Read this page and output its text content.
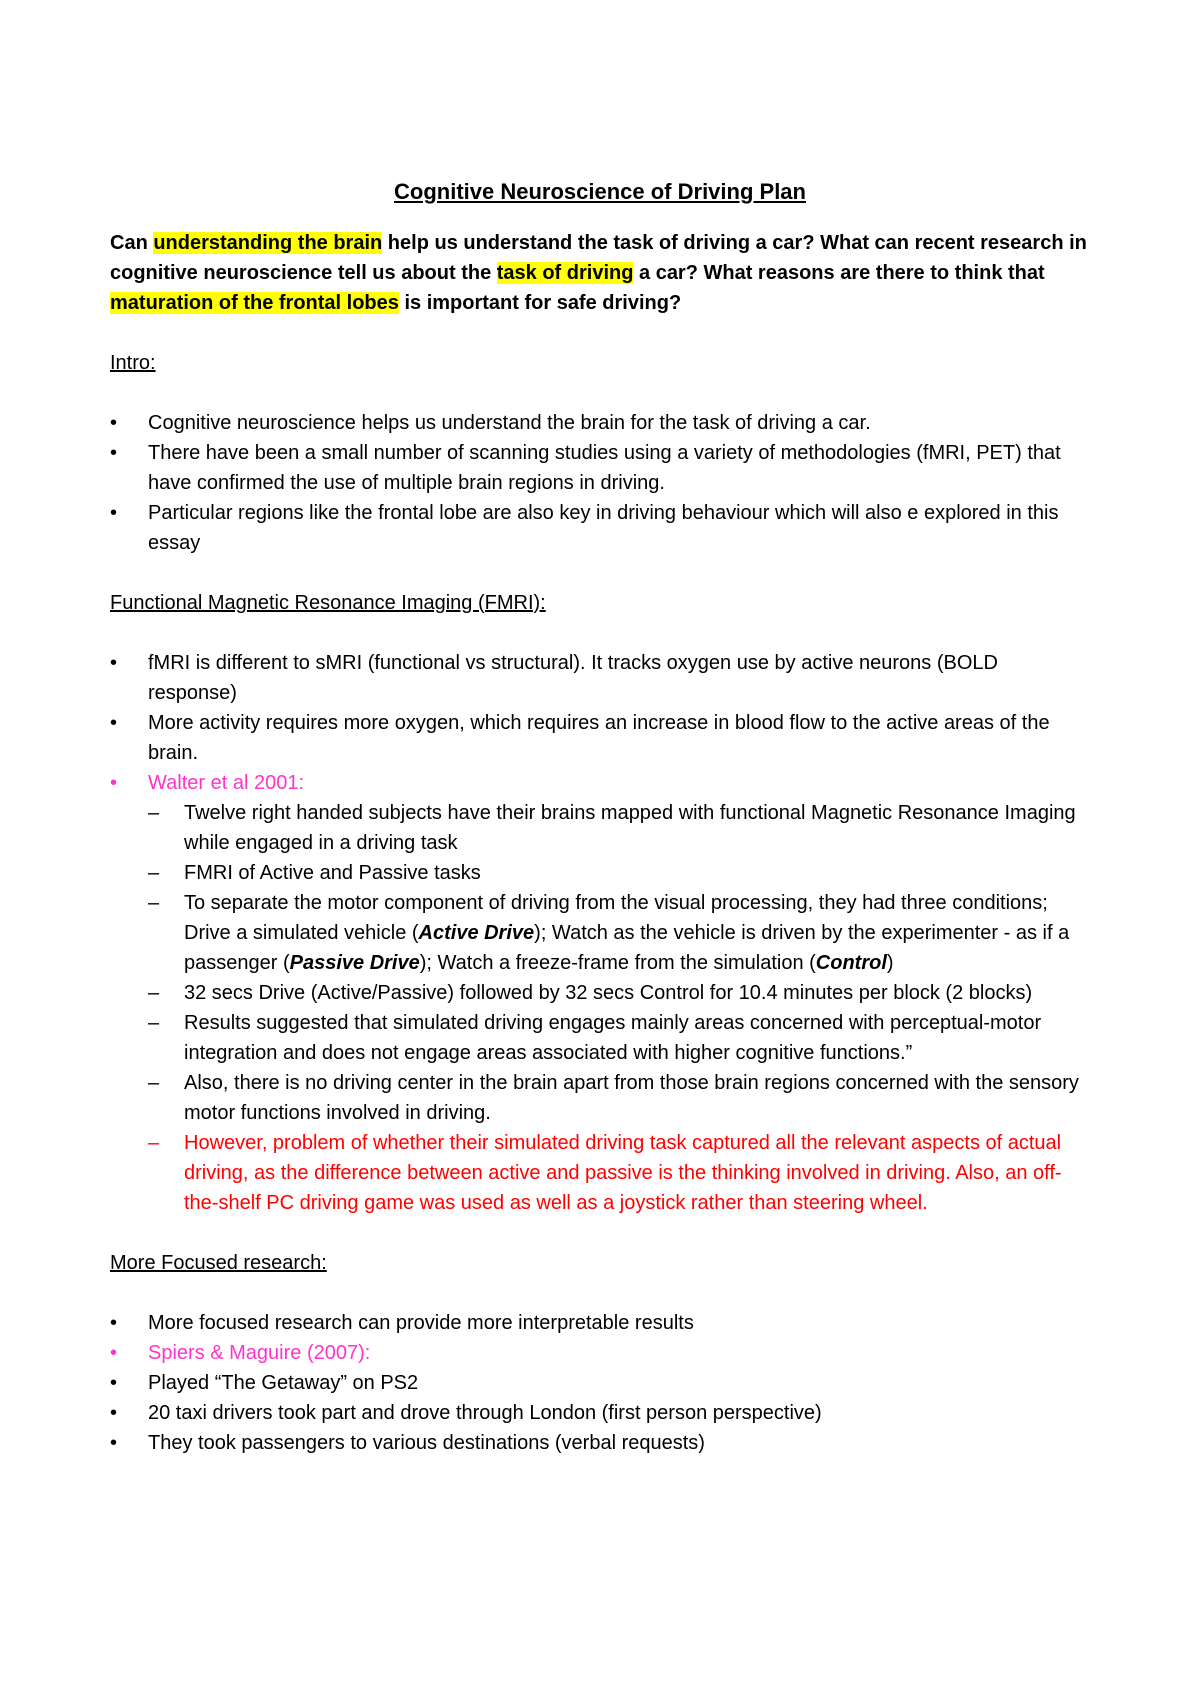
Cognitive Neuroscience of Driving Plan

Can understanding the brain help us understand the task of driving a car? What can recent research in cognitive neuroscience tell us about the task of driving a car? What reasons are there to think that maturation of the frontal lobes is important for safe driving?

Intro:
• Cognitive neuroscience helps us understand the brain for the task of driving a car.
• There have been a small number of scanning studies using a variety of methodologies (fMRI, PET) that have confirmed the use of multiple brain regions in driving.
• Particular regions like the frontal lobe are also key in driving behaviour which will also e explored in this essay
Functional Magnetic Resonance Imaging (FMRI):
• fMRI is different to sMRI (functional vs structural). It tracks oxygen use by active neurons (BOLD response)
• More activity requires more oxygen, which requires an increase in blood flow to the active areas of the brain.
• Walter et al 2001:
– Twelve right handed subjects have their brains mapped with functional Magnetic Resonance Imaging while engaged in a driving task
– FMRI of Active and Passive tasks
– To separate the motor component of driving from the visual processing, they had three conditions; Drive a simulated vehicle (Active Drive); Watch as the vehicle is driven by the experimenter - as if a passenger (Passive Drive); Watch a freeze-frame from the simulation (Control)
– 32 secs Drive (Active/Passive) followed by 32 secs Control for 10.4 minutes per block (2 blocks)
– Results suggested that simulated driving engages mainly areas concerned with perceptual-motor integration and does not engage areas associated with higher cognitive functions.”
– Also, there is no driving center in the brain apart from those brain regions concerned with the sensory motor functions involved in driving.
– However, problem of whether their simulated driving task captured all the relevant aspects of actual driving, as the difference between active and passive is the thinking involved in driving. Also, an off-the-shelf PC driving game was used as well as a joystick rather than steering wheel.
More Focused research:
• More focused research can provide more interpretable results
• Spiers & Maguire (2007):
• Played “The Getaway” on PS2
• 20 taxi drivers took part and drove through London (first person perspective)
• They took passengers to various destinations (verbal requests)
